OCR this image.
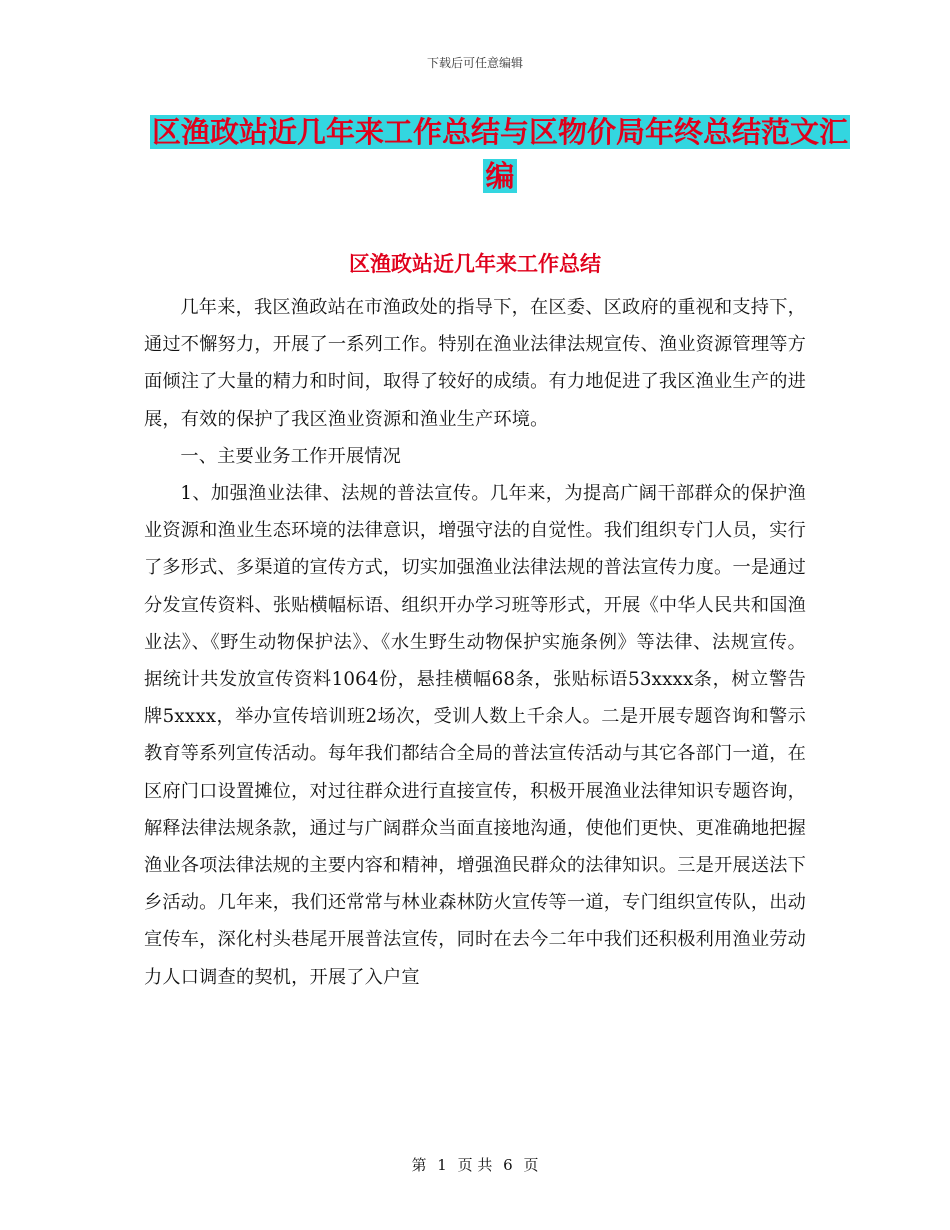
下载后可任意编辑
区渔政站近几年来工作总结与区物价局年终总结范文汇编
区渔政站近几年来工作总结

几年来，我区渔政站在市渔政处的指导下，在区委、区政府的重视和支持下，通过不懈努力，开展了一系列工作。特别在渔业法律法规宣传、渔业资源管理等方面倾注了大量的精力和时间，取得了较好的成绩。有力地促进了我区渔业生产的进展，有效的保护了我区渔业资源和渔业生产环境。

一、主要业务工作开展情况

1、加强渔业法律、法规的普法宣传。几年来，为提高广阔干部群众的保护渔业资源和渔业生态环境的法律意识，增强守法的自觉性。我们组织专门人员，实行了多形式、多渠道的宣传方式，切实加强渔业法律法规的普法宣传力度。一是通过分发宣传资料、张贴横幅标语、组织开办学习班等形式，开展《中华人民共和国渔业法》、《野生动物保护法》、《水生野生动物保护实施条例》等法律、法规宣传。据统计共发放宣传资料1064份，悬挂横幅68条，张贴标语53xxxx条，树立警告牌5xxxx，举办宣传培训班2场次，受训人数上千余人。二是开展专题咨询和警示教育等系列宣传活动。每年我们都结合全局的普法宣传活动与其它各部门一道，在区府门口设置摊位，对过往群众进行直接宣传，积极开展渔业法律知识专题咨询，解释法律法规条款，通过与广阔群众当面直接地沟通，使他们更快、更准确地把握渔业各项法律法规的主要内容和精神，增强渔民群众的法律知识。三是开展送法下乡活动。几年来，我们还常常与林业森林防火宣传等一道，专门组织宣传队，出动宣传车，深化村头巷尾开展普法宣传，同时在去今二年中我们还积极利用渔业劳动力人口调查的契机，开展了入户宣

第 1 页 共 6 页
